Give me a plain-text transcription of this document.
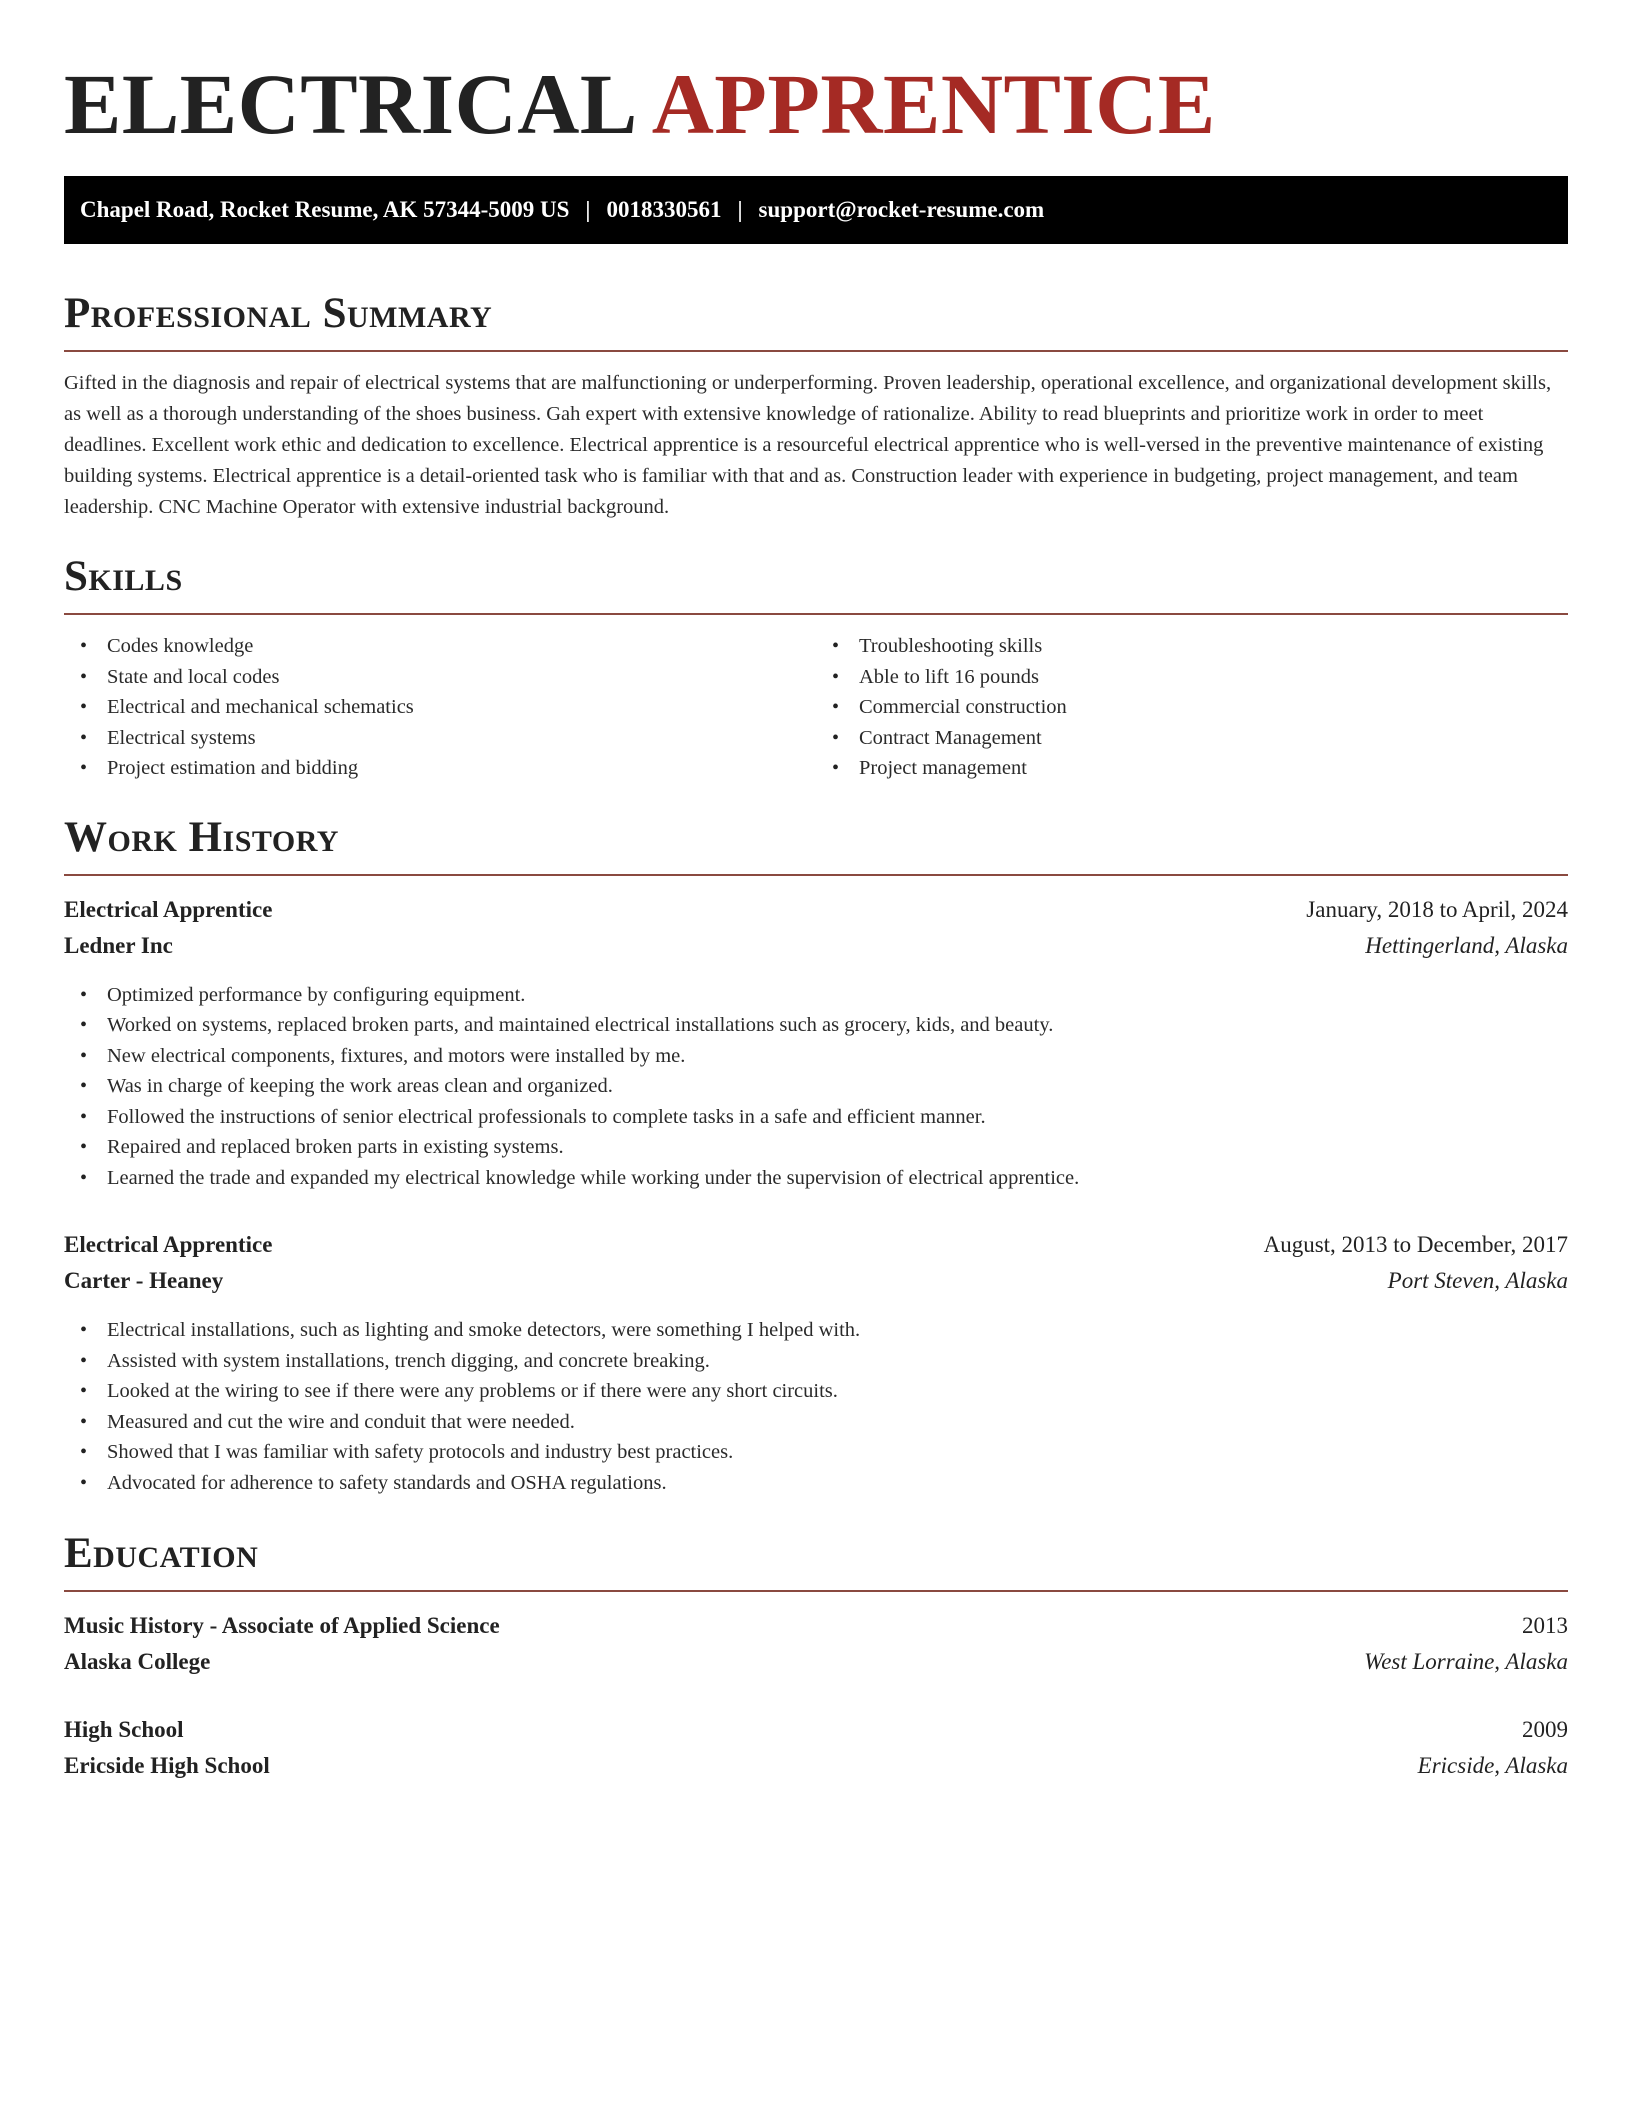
ELECTRICAL APPRENTICE
Chapel Road, Rocket Resume, AK 57344-5009 US | 0018330561 | support@rocket-resume.com
Professional Summary

Gifted in the diagnosis and repair of electrical systems that are malfunctioning or underperforming. Proven leadership, operational excellence, and organizational development skills, as well as a thorough understanding of the shoes business. Gah expert with extensive knowledge of rationalize. Ability to read blueprints and prioritize work in order to meet deadlines. Excellent work ethic and dedication to excellence. Electrical apprentice is a resourceful electrical apprentice who is well-versed in the preventive maintenance of existing building systems. Electrical apprentice is a detail-oriented task who is familiar with that and as. Construction leader with experience in budgeting, project management, and team leadership. CNC Machine Operator with extensive industrial background.

Skills
• Codes knowledge
• State and local codes
• Electrical and mechanical schematics
• Electrical systems
• Project estimation and bidding
• Troubleshooting skills
• Able to lift 16 pounds
• Commercial construction
• Contract Management
• Project management
Work History
Electrical Apprentice	January, 2018 to April, 2024
Ledner Inc	Hettingerland, Alaska
• Optimized performance by configuring equipment.
• Worked on systems, replaced broken parts, and maintained electrical installations such as grocery, kids, and beauty.
• New electrical components, fixtures, and motors were installed by me.
• Was in charge of keeping the work areas clean and organized.
• Followed the instructions of senior electrical professionals to complete tasks in a safe and efficient manner.
• Repaired and replaced broken parts in existing systems.
• Learned the trade and expanded my electrical knowledge while working under the supervision of electrical apprentice.
Electrical Apprentice	August, 2013 to December, 2017
Carter - Heaney	Port Steven, Alaska
• Electrical installations, such as lighting and smoke detectors, were something I helped with.
• Assisted with system installations, trench digging, and concrete breaking.
• Looked at the wiring to see if there were any problems or if there were any short circuits.
• Measured and cut the wire and conduit that were needed.
• Showed that I was familiar with safety protocols and industry best practices.
• Advocated for adherence to safety standards and OSHA regulations.
Education
Music History - Associate of Applied Science	2013
Alaska College	West Lorraine, Alaska
High School	2009
Ericside High School	Ericside, Alaska
